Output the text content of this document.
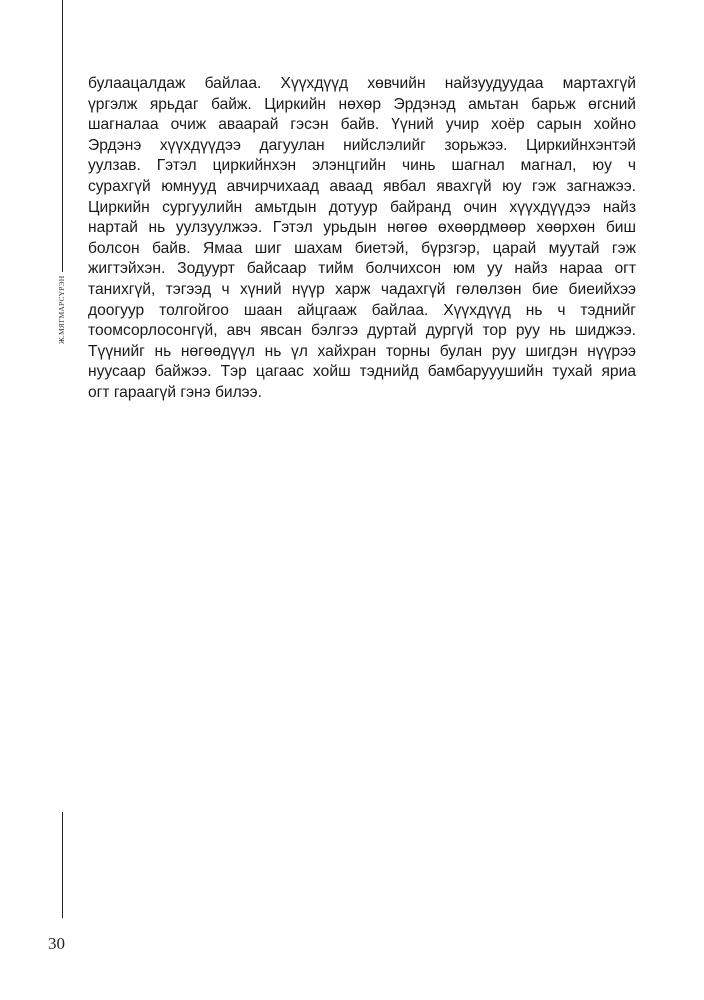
Ж.МЯГМАРСҮРЭН
булаацалдаж байлаа. Хүүхдүүд хөвчийн найзуудуудаа мартахгүй
үргэлж ярьдаг байж. Циркийн нөхөр Эрдэнэд амьтан барьж өгсний
шагналаа очиж аваарай гэсэн байв. Үүний учир хоёр сарын хойно
Эрдэнэ хүүхдүүдээ дагуулан нийслэлийг зорьжээ. Циркийнхэнтэй
уулзав. Гэтэл циркийнхэн элэнцгийн чинь шагнал магнал, юу ч
сурахгүй юмнууд авчирчихаад аваад явбал явахгүй юу гэж загнажээ.
Циркийн сургуулийн амьтдын дотуур байранд очин хүүхдүүдээ найз
нартай нь уулзуулжээ. Гэтэл урьдын нөгөө өхөөрдмөөр хөөрхөн биш
болсон байв. Ямаа шиг шахам биетэй, бүрзгэр, царай муутай гэж
жигтэйхэн. Зодуурт байсаар тийм болчихсон юм уу найз нараа огт
танихгүй, тэгээд ч хүний нүүр харж чадахгүй гөлөлзөн бие биеийхээ
доогуур толгойгоо шаан айцгааж байлаа. Хүүхдүүд нь ч тэднийг
тоомсорлосонгүй, авч явсан бэлгээ дуртай дургүй тор руу нь шиджээ.
Түүнийг нь нөгөөдүүл нь үл хайхран торны булан руу шигдэн нүүрээ
нуусаар байжээ. Тэр цагаас хойш тэднийд бамбарууушийн тухай яриа
огт гараагүй гэнэ билээ.
30
